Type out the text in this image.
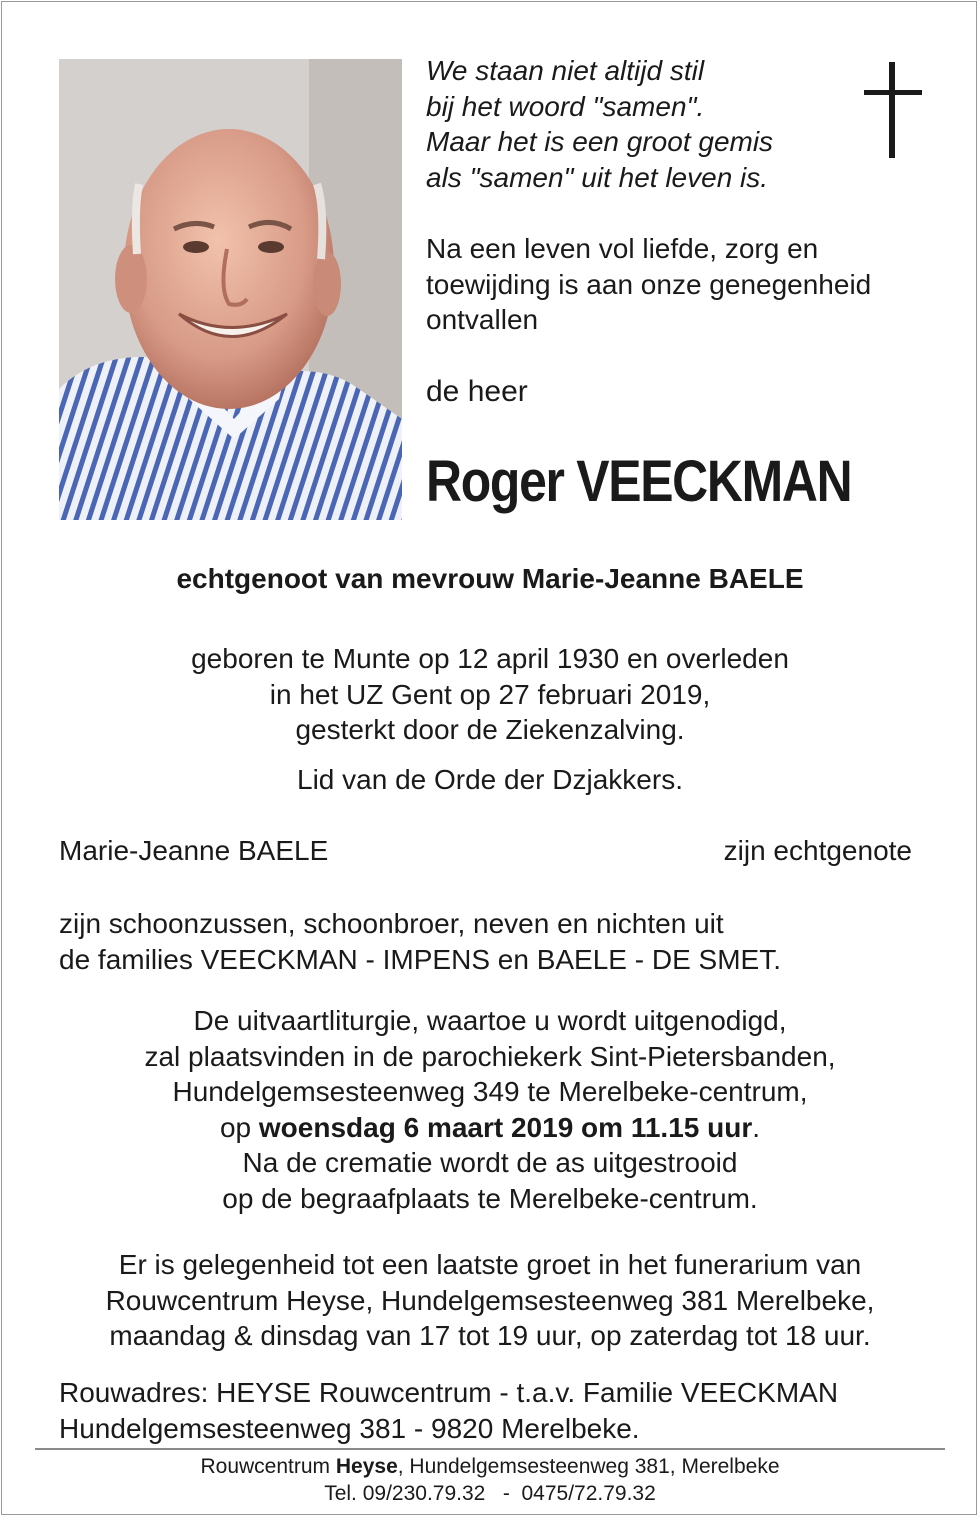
We staan niet altijd stil
bij het woord "samen".
Maar het is een groot gemis
als "samen" uit het leven is.

Na een leven vol liefde, zorg en
toewijding is aan onze genegenheid
ontvallen

de heer

Roger VEECKMAN

echtgenoot van mevrouw Marie-Jeanne BAELE

geboren te Munte op 12 april 1930 en overleden
in het UZ Gent op 27 februari 2019,
gesterkt door de Ziekenzalving.

Lid van de Orde der Dzjakkers.

Marie-Jeanne BAELE	zijn echtgenote

zijn schoonzussen, schoonbroer, neven en nichten uit
de families VEECKMAN - IMPENS en BAELE - DE SMET.

De uitvaartliturgie, waartoe u wordt uitgenodigd,
zal plaatsvinden in de parochiekerk Sint-Pietersbanden,
Hundelgemsesteenweg 349 te Merelbeke-centrum,
op woensdag 6 maart 2019 om 11.15 uur.
Na de crematie wordt de as uitgestrooid
op de begraafplaats te Merelbeke-centrum.

Er is gelegenheid tot een laatste groet in het funerarium van
Rouwcentrum Heyse, Hundelgemsesteenweg 381 Merelbeke,
maandag & dinsdag van 17 tot 19 uur, op zaterdag tot 18 uur.

Rouwadres: HEYSE Rouwcentrum - t.a.v. Familie VEECKMAN
Hundelgemsesteenweg 381 - 9820 Merelbeke.

Rouwcentrum Heyse, Hundelgemsesteenweg 381, Merelbeke
Tel. 09/230.79.32   -  0475/72.79.32
